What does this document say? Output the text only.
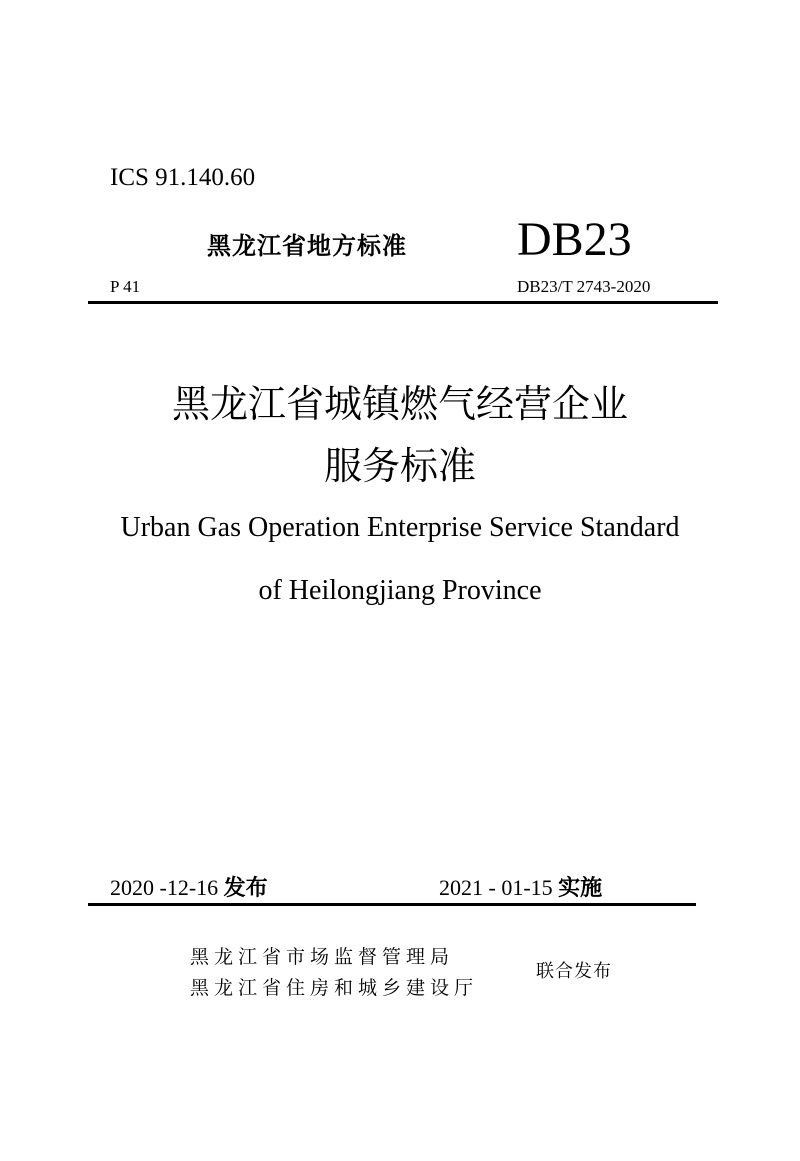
ICS 91.140.60
黑龙江省地方标准 DB23
P 41	DB23/T 2743-2020
黑龙江省城镇燃气经营企业
服务标准
Urban Gas Operation Enterprise Service Standard
of Heilongjiang Province
2020 -12-16 发布	2021 - 01-15 实施
黑龙江省市场监督管理局
黑龙江省住房和城乡建设厅
联合发布
